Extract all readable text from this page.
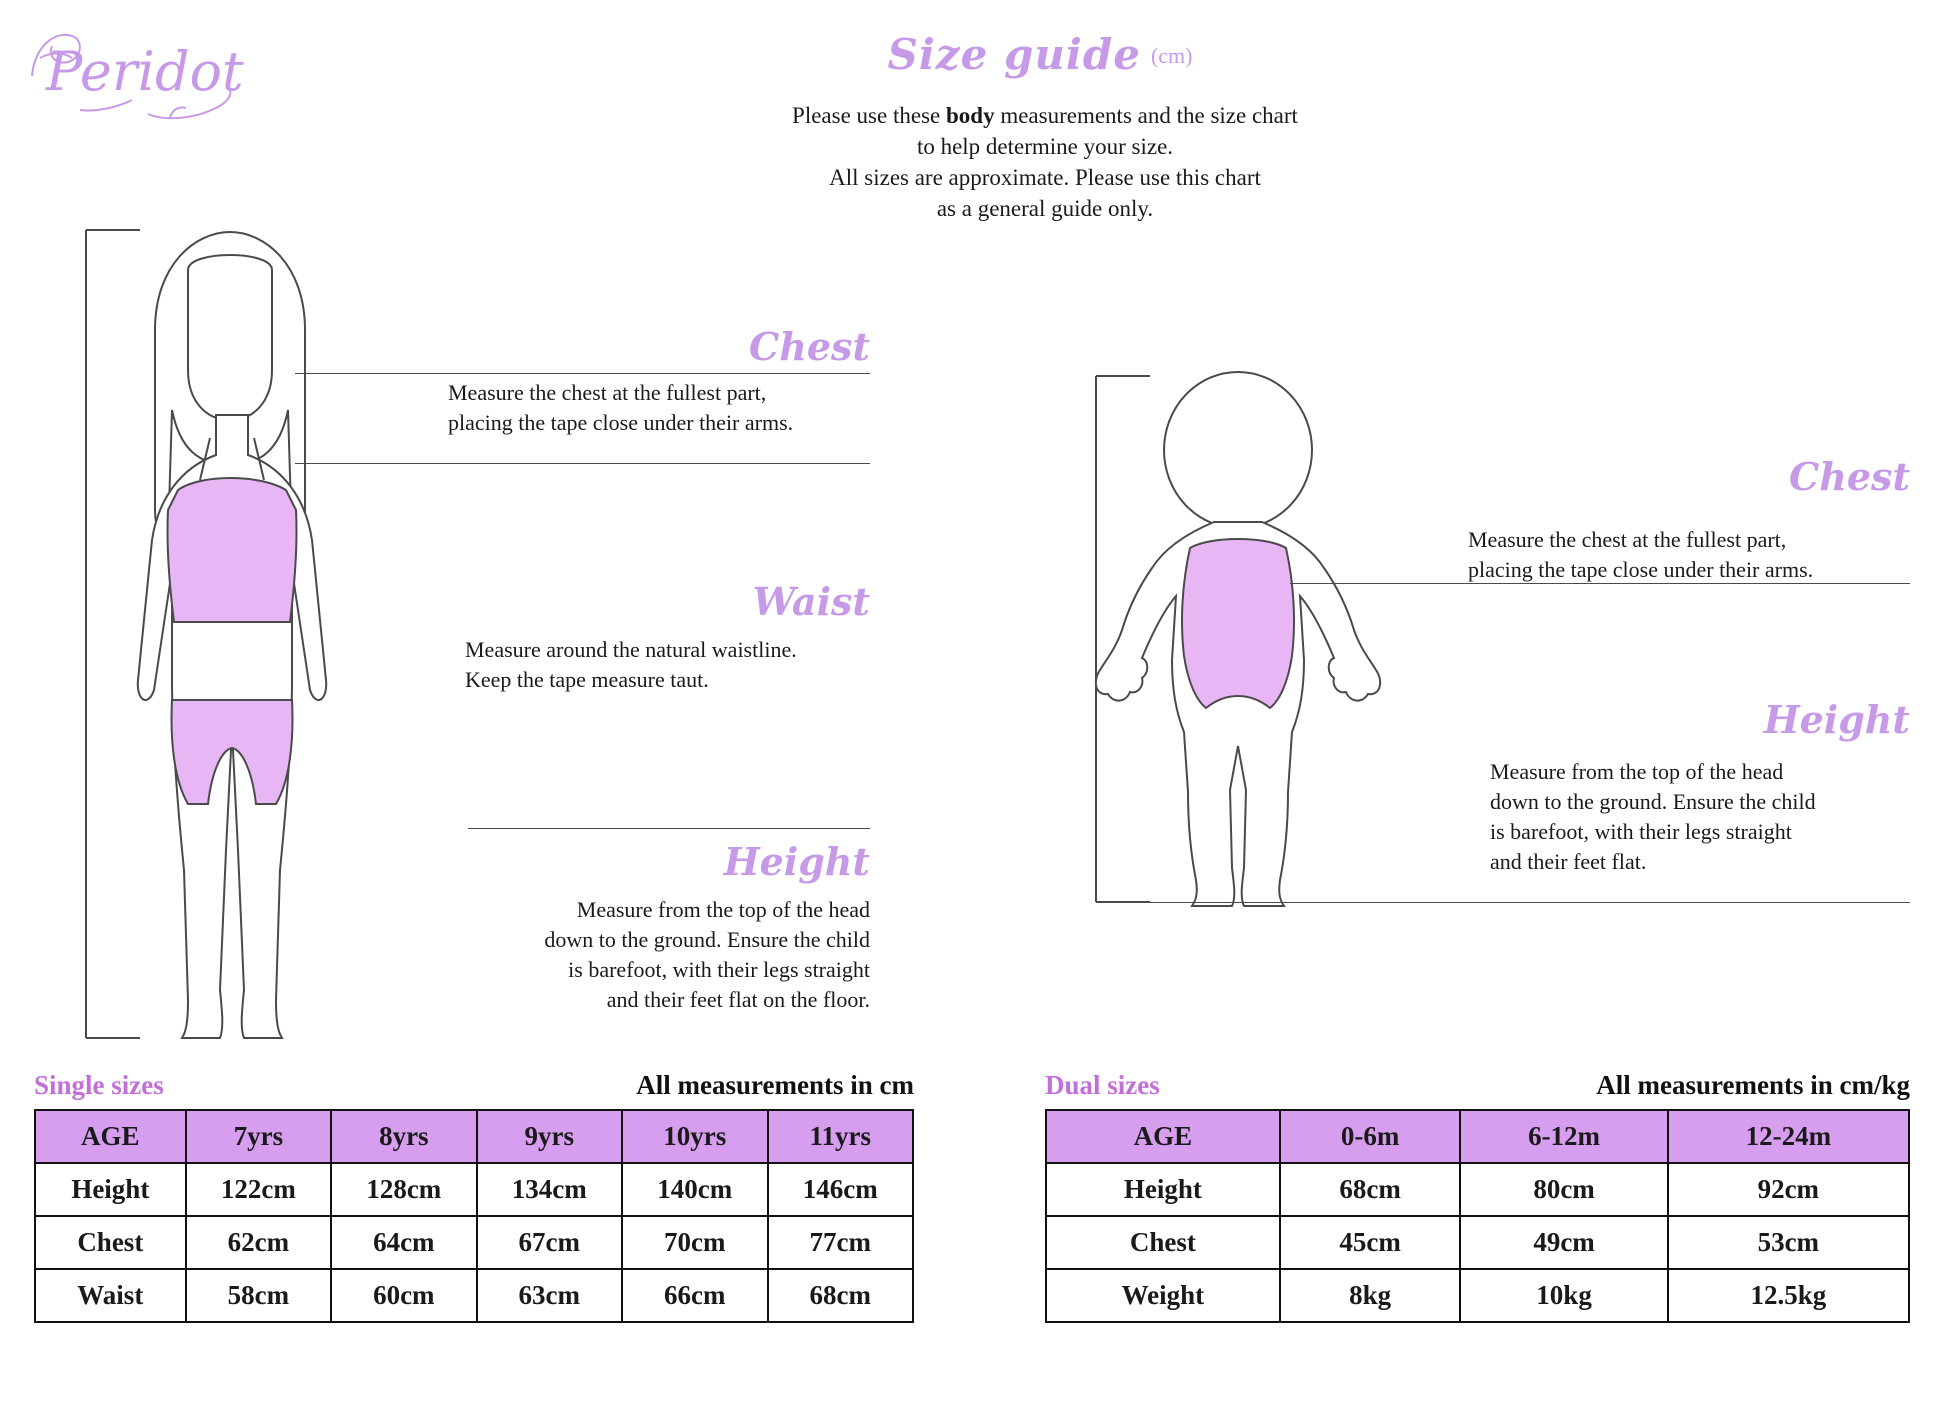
Peridot	Size guide (cm)
Please use these body measurements and the size chart
to help determine your size.
All sizes are approximate. Please use this chart
as a general guide only.
Chest
Measure the chest at the fullest part,
placing the tape close under their arms.
Waist
Measure around the natural waistline.
Keep the tape measure taut.
Height
Measure from the top of the head
down to the ground. Ensure the child
is barefoot, with their legs straight
and their feet flat on the floor.
Chest
Measure the chest at the fullest part,
placing the tape close under their arms.
Height
Measure from the top of the head
down to the ground. Ensure the child
is barefoot, with their legs straight
and their feet flat.
Single sizes	All measurements in cm
AGE	7yrs	8yrs	9yrs	10yrs	11yrs
Height	122cm	128cm	134cm	140cm	146cm
Chest	62cm	64cm	67cm	70cm	77cm
Waist	58cm	60cm	63cm	66cm	68cm
Dual sizes	All measurements in cm/kg
AGE	0-6m	6-12m	12-24m
Height	68cm	80cm	92cm
Chest	45cm	49cm	53cm
Weight	8kg	10kg	12.5kg
